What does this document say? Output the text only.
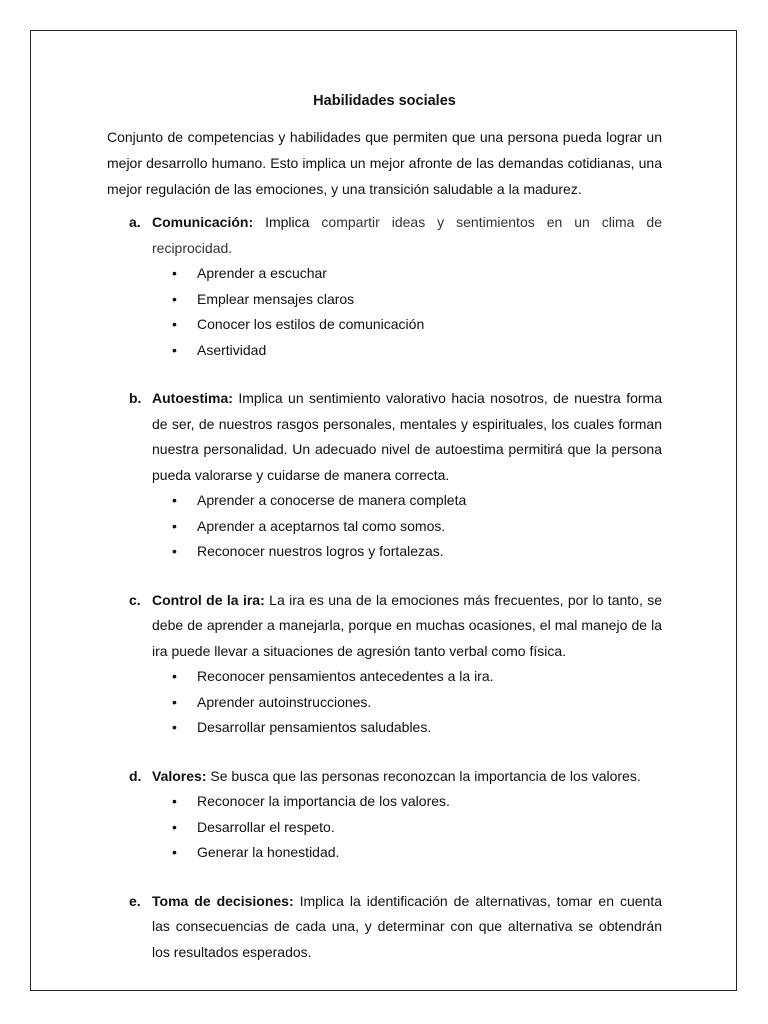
Habilidades sociales

Conjunto de competencias y habilidades que permiten que una persona pueda lograr un mejor desarrollo humano. Esto implica un mejor afronte de las demandas cotidianas, una mejor regulación de las emociones, y una transición saludable a la madurez.

a. Comunicación: Implica compartir ideas y sentimientos en un clima de reciprocidad.
• Aprender a escuchar
• Emplear mensajes claros
• Conocer los estilos de comunicación
• Asertividad
b. Autoestima: Implica un sentimiento valorativo hacia nosotros, de nuestra forma de ser, de nuestros rasgos personales, mentales y espirituales, los cuales forman nuestra personalidad. Un adecuado nivel de autoestima permitirá que la persona pueda valorarse y cuidarse de manera correcta.
• Aprender a conocerse de manera completa
• Aprender a aceptarnos tal como somos.
• Reconocer nuestros logros y fortalezas.
c. Control de la ira: La ira es una de la emociones más frecuentes, por lo tanto, se debe de aprender a manejarla, porque en muchas ocasiones, el mal manejo de la ira puede llevar a situaciones de agresión tanto verbal como física.
• Reconocer pensamientos antecedentes a la ira.
• Aprender autoinstrucciones.
• Desarrollar pensamientos saludables.
d. Valores: Se busca que las personas reconozcan la importancia de los valores.
• Reconocer la importancia de los valores.
• Desarrollar el respeto.
• Generar la honestidad.
e. Toma de decisiones: Implica la identificación de alternativas, tomar en cuenta las consecuencias de cada una, y determinar con que alternativa se obtendrán los resultados esperados.
